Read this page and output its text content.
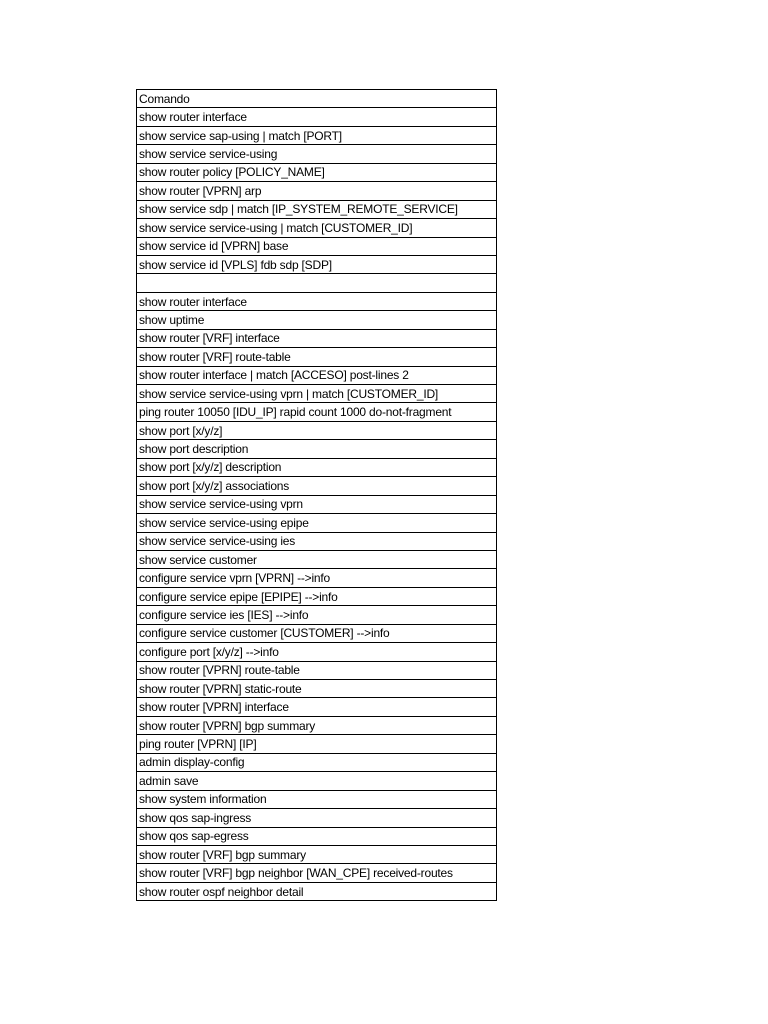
Comando
show router interface
show service sap-using | match [PORT]
show service service-using
show router policy [POLICY_NAME]
show router [VPRN] arp
show service sdp | match [IP_SYSTEM_REMOTE_SERVICE]
show service service-using | match [CUSTOMER_ID]
show service id [VPRN] base
show service id [VPLS] fdb sdp [SDP]

show router interface
show uptime
show router [VRF] interface
show router [VRF] route-table
show router interface | match [ACCESO] post-lines 2
show service service-using vprn | match [CUSTOMER_ID]
ping router 10050 [IDU_IP] rapid count 1000 do-not-fragment
show port [x/y/z]
show port description
show port [x/y/z] description
show port [x/y/z] associations
show service service-using vprn
show service service-using epipe
show service service-using ies
show service customer
configure service vprn [VPRN] -->info
configure service epipe [EPIPE] -->info
configure service ies [IES] -->info
configure service customer [CUSTOMER] -->info
configure port [x/y/z] -->info
show router [VPRN] route-table
show router [VPRN] static-route
show router [VPRN] interface
show router [VPRN] bgp summary
ping router [VPRN] [IP]
admin display-config
admin save
show system information
show qos sap-ingress
show qos sap-egress
show router [VRF] bgp summary
show router [VRF] bgp neighbor [WAN_CPE] received-routes
show router ospf neighbor detail
